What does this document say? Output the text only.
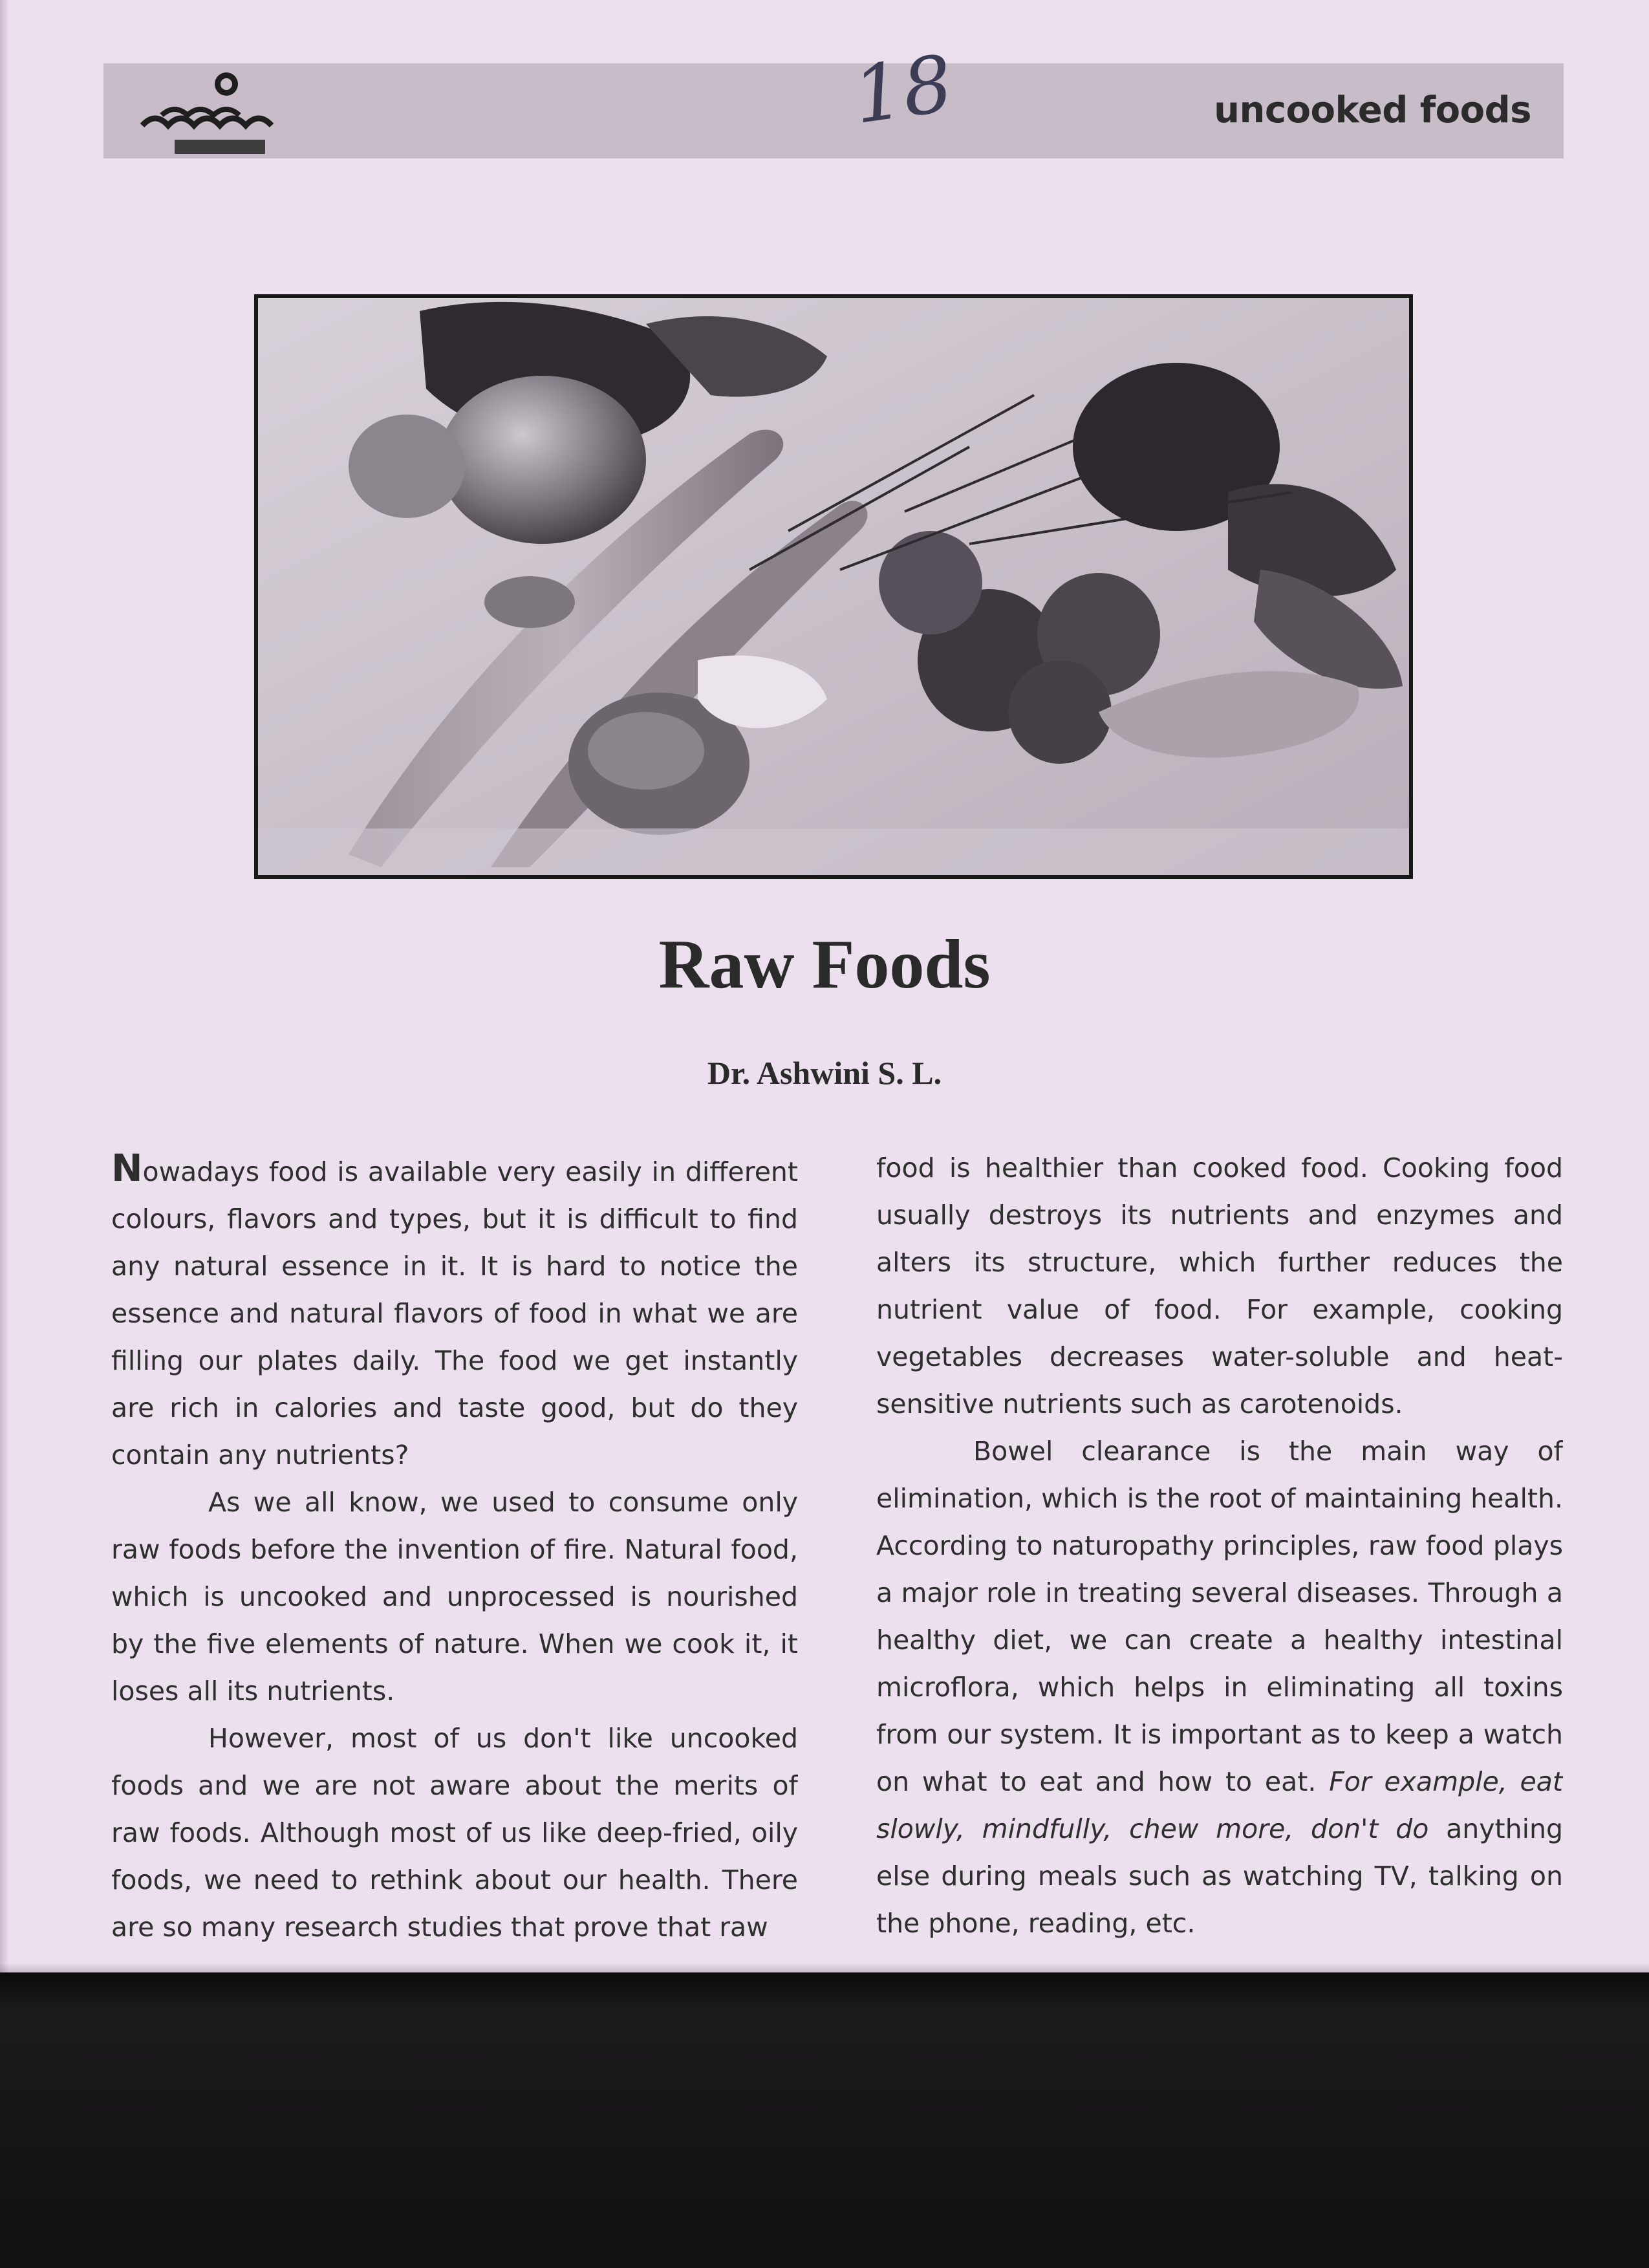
uncooked foods
18
Raw Foods
Dr. Ashwini S. L.

Nowadays food is available very easily in different colours, flavors and types, but it is difficult to find any natural essence in it. It is hard to notice the essence and natural flavors of food in what we are filling our plates daily. The food we get instantly are rich in calories and taste good, but do they contain any nutrients?

As we all know, we used to consume only raw foods before the invention of fire. Natural food, which is uncooked and unprocessed is nourished by the five elements of nature. When we cook it, it loses all its nutrients.

However, most of us don't like uncooked foods and we are not aware about the merits of raw foods. Although most of us like deep-fried, oily foods, we need to rethink about our health. There are so many research studies that prove that raw

food is healthier than cooked food. Cooking food usually destroys its nutrients and enzymes and alters its structure, which further reduces the nutrient value of food. For example, cooking vegetables decreases water-soluble and heat-sensitive nutrients such as carotenoids.

Bowel clearance is the main way of elimination, which is the root of maintaining health. According to naturopathy principles, raw food plays a major role in treating several diseases. Through a healthy diet, we can create a healthy intestinal microflora, which helps in eliminating all toxins from our system. It is important as to keep a watch on what to eat and how to eat. For example, eat slowly, mindfully, chew more, don't do anything else during meals such as watching TV, talking on the phone, reading, etc.
